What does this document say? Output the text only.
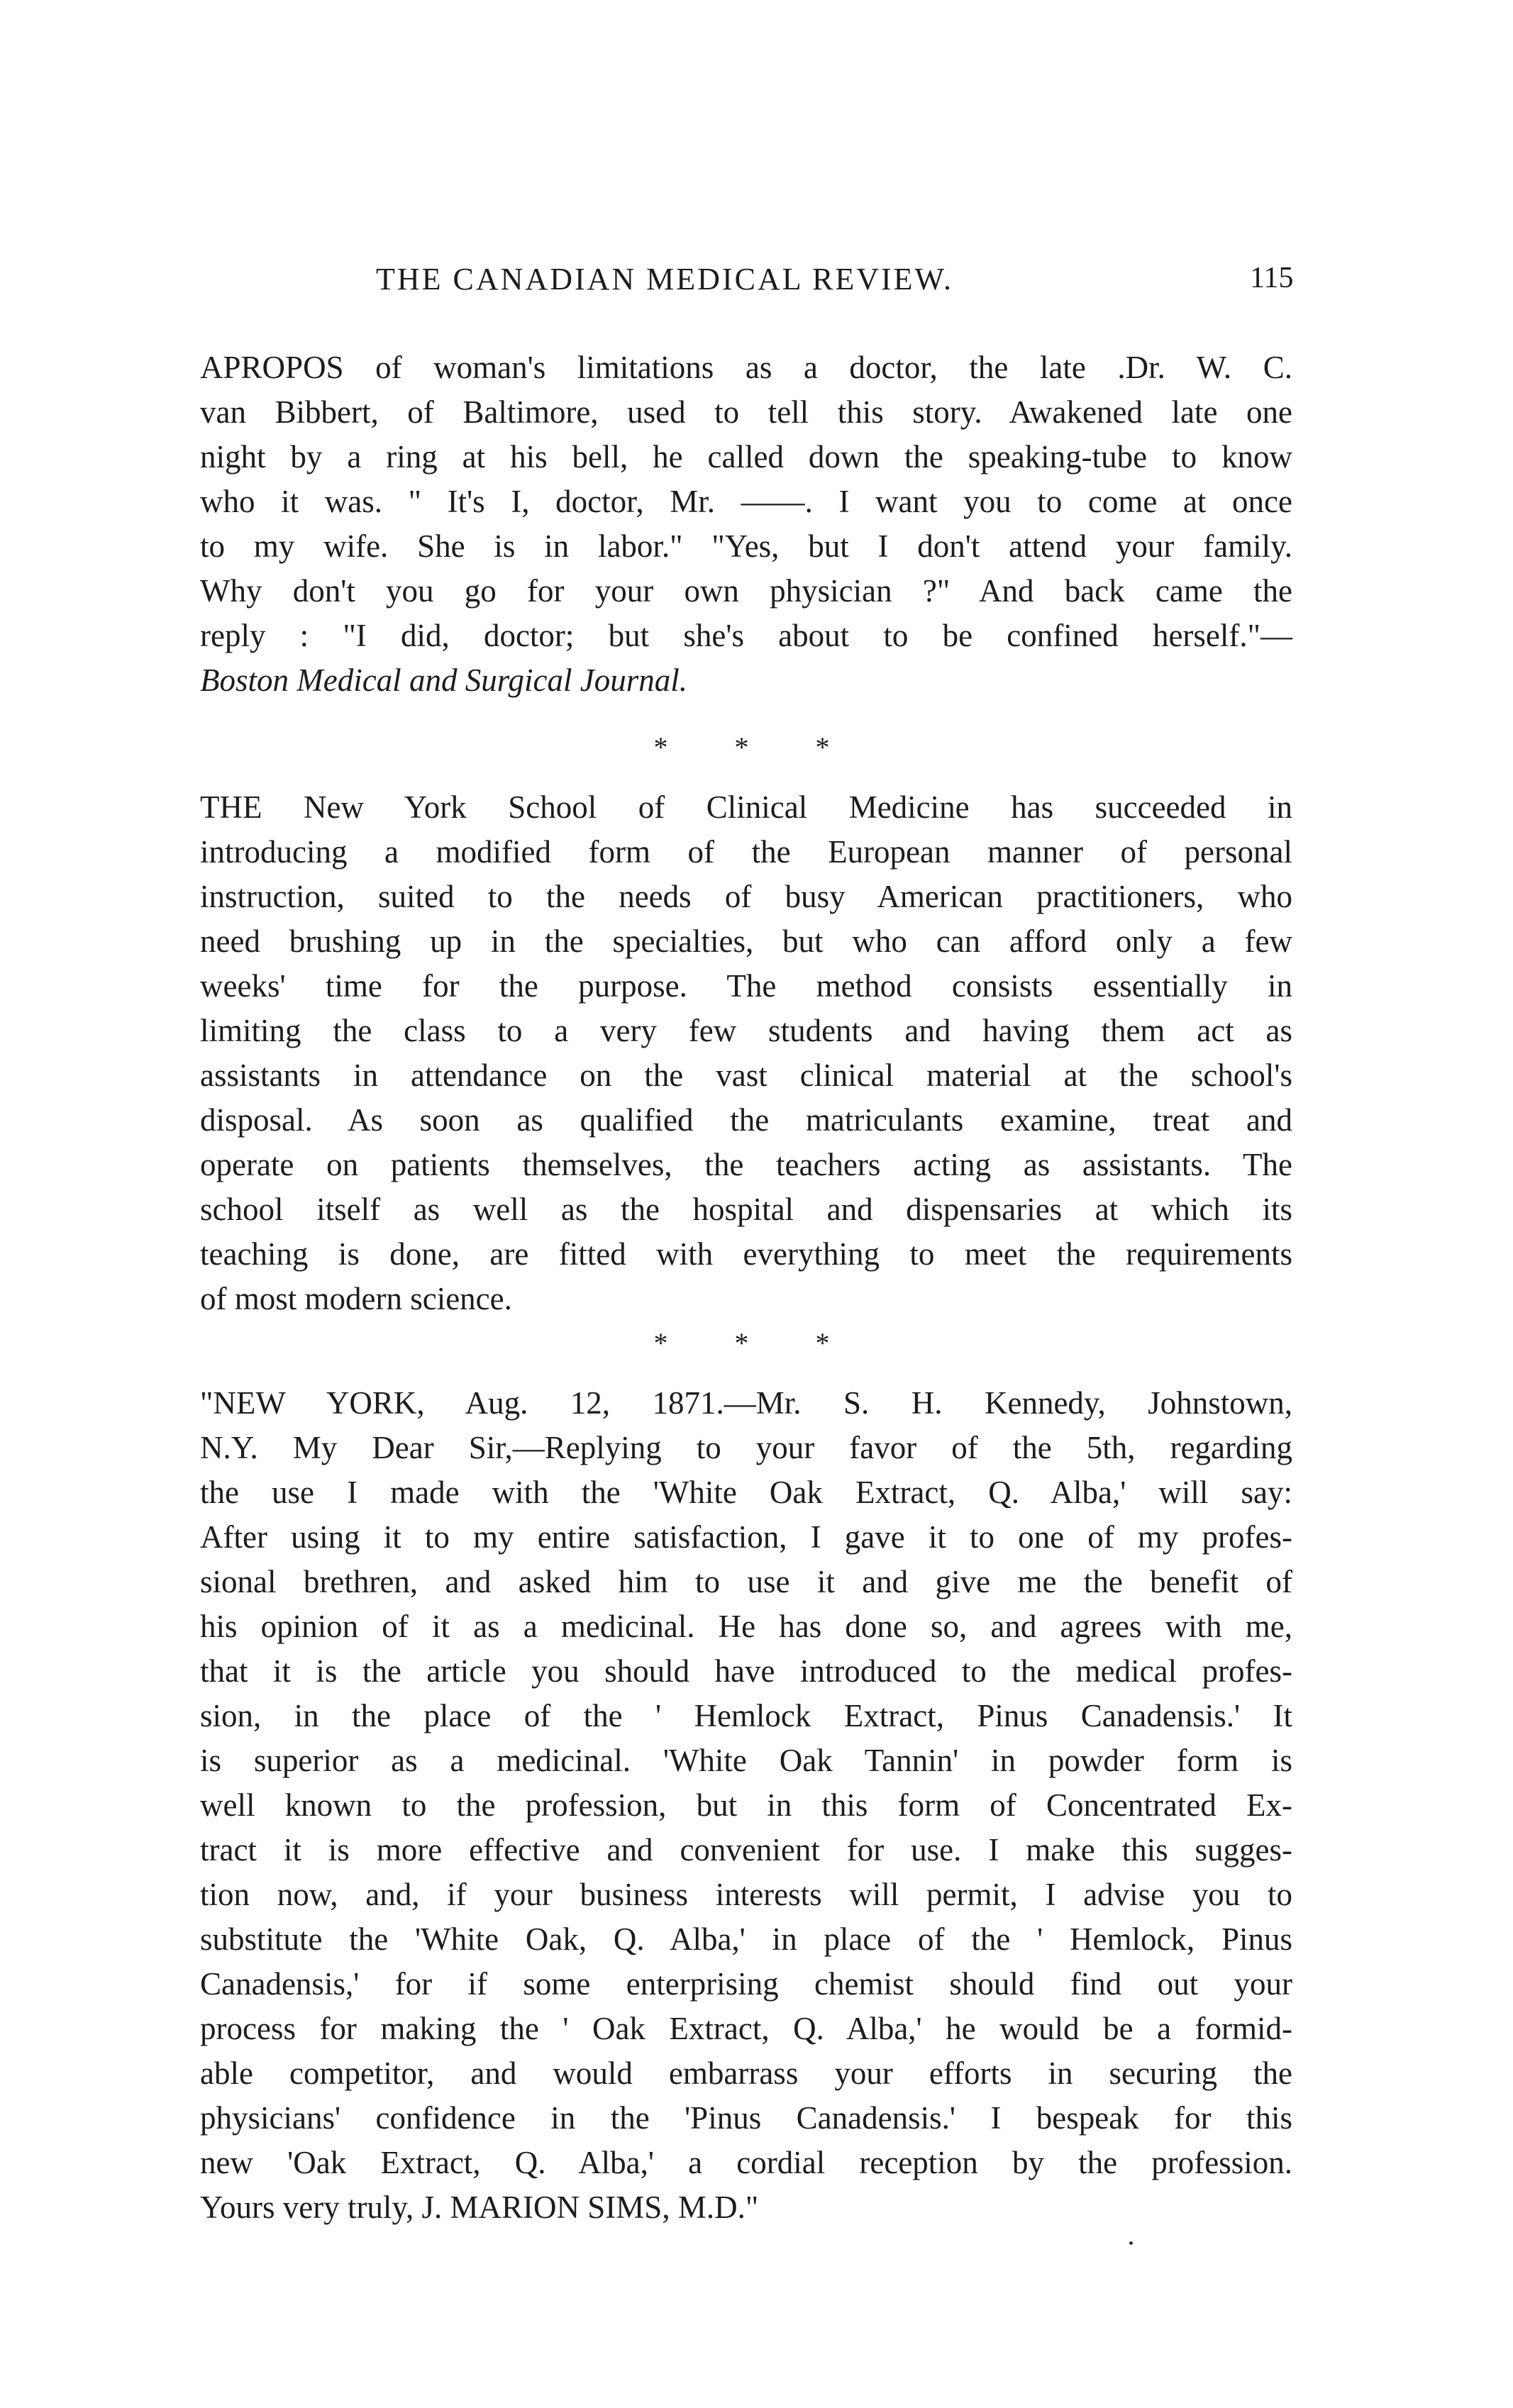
THE CANADIAN MEDICAL REVIEW.	115
APROPOS of woman's limitations as a doctor, the late .Dr. W. C.
van Bibbert, of Baltimore, used to tell this story. Awakened late one
night by a ring at his bell, he called down the speaking-tube to know
who it was. " It's I, doctor, Mr. ——. I want you to come at once
to my wife. She is in labor." "Yes, but I don't attend your family.
Why don't you go for your own physician ?" And back came the
reply : "I did, doctor; but she's about to be confined herself."—
Boston Medical and Surgical Journal.
* * *
THE New York School of Clinical Medicine has succeeded in
introducing a modified form of the European manner of personal
instruction, suited to the needs of busy American practitioners, who
need brushing up in the specialties, but who can afford only a few
weeks' time for the purpose. The method consists essentially in
limiting the class to a very few students and having them act as
assistants in attendance on the vast clinical material at the school's
disposal. As soon as qualified the matriculants examine, treat and
operate on patients themselves, the teachers acting as assistants. The
school itself as well as the hospital and dispensaries at which its
teaching is done, are fitted with everything to meet the requirements
of most modern science.
* * *
"NEW YORK, Aug. 12, 1871.—Mr. S. H. Kennedy, Johnstown,
N.Y. My Dear Sir,—Replying to your favor of the 5th, regarding
the use I made with the 'White Oak Extract, Q. Alba,' will say:
After using it to my entire satisfaction, I gave it to one of my profes-
sional brethren, and asked him to use it and give me the benefit of
his opinion of it as a medicinal. He has done so, and agrees with me,
that it is the article you should have introduced to the medical profes-
sion, in the place of the ' Hemlock Extract, Pinus Canadensis.' It
is superior as a medicinal. 'White Oak Tannin' in powder form is
well known to the profession, but in this form of Concentrated Ex-
tract it is more effective and convenient for use. I make this sugges-
tion now, and, if your business interests will permit, I advise you to
substitute the 'White Oak, Q. Alba,' in place of the ' Hemlock, Pinus
Canadensis,' for if some enterprising chemist should find out your
process for making the ' Oak Extract, Q. Alba,' he would be a formid-
able competitor, and would embarrass your efforts in securing the
physicians' confidence in the 'Pinus Canadensis.' I bespeak for this
new 'Oak Extract, Q. Alba,' a cordial reception by the profession.
Yours very truly, J. MARION SIMS, M.D."
